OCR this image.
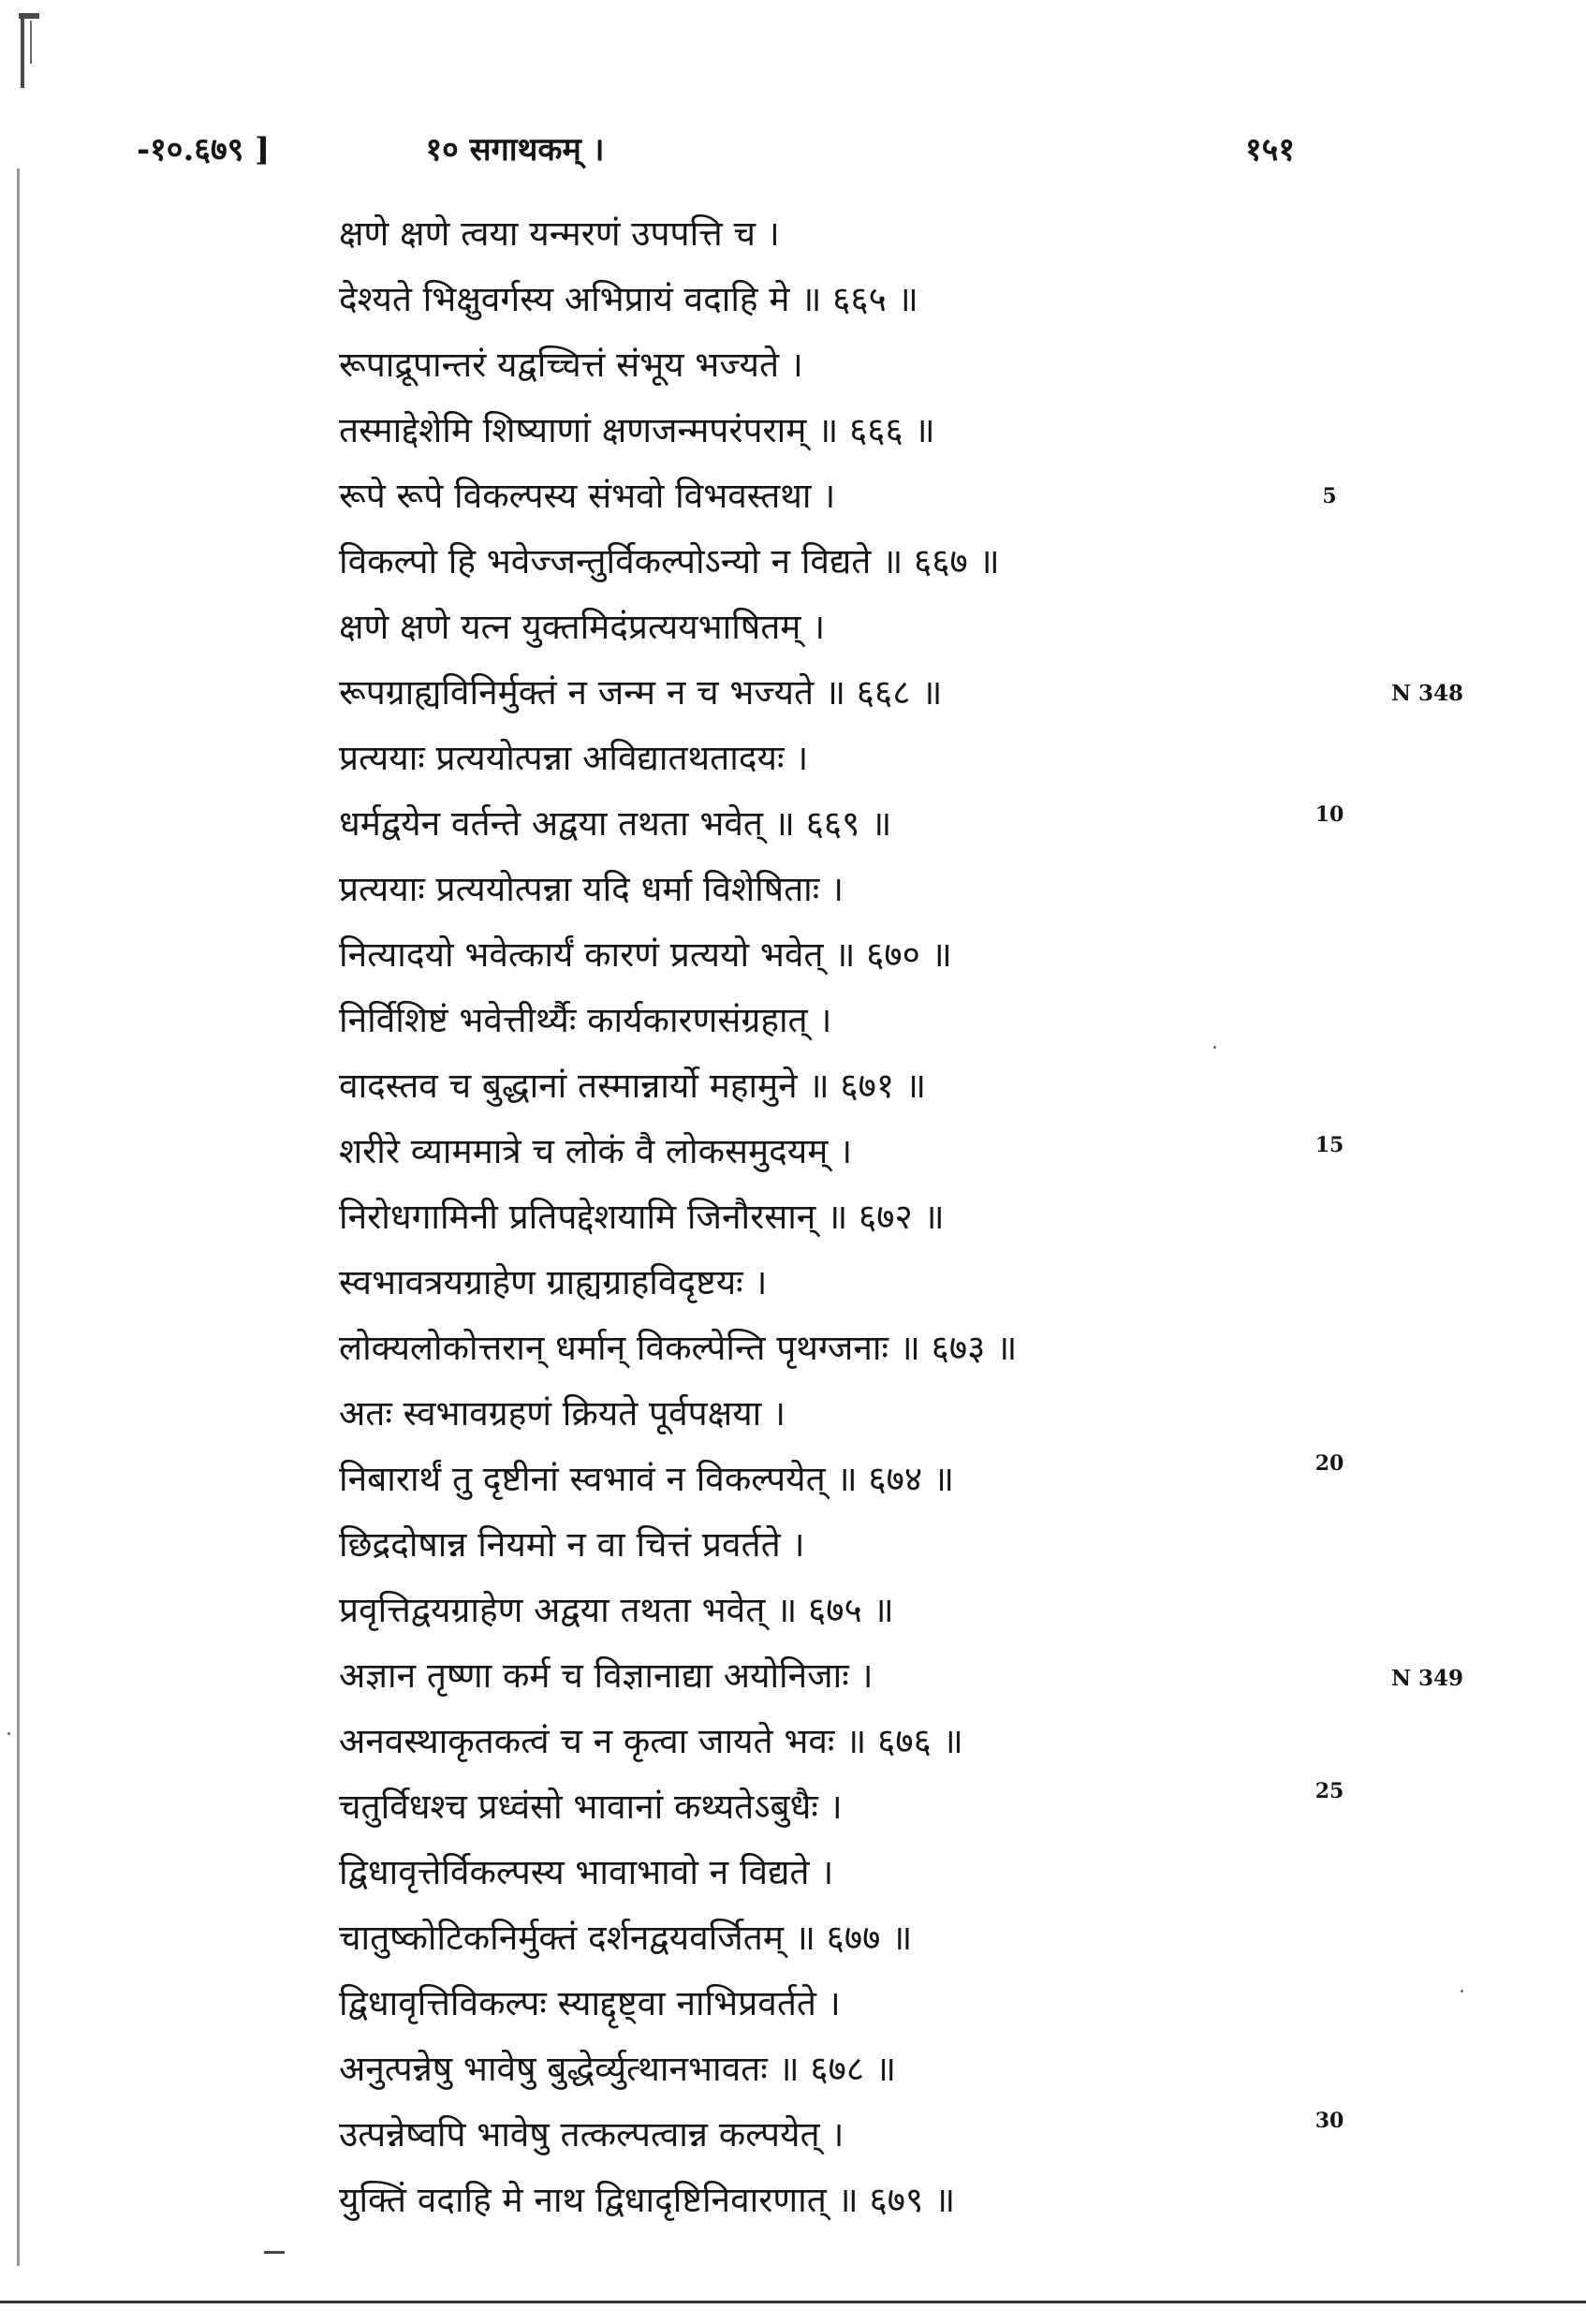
-१०.६७९ ]	१० सगाथकम् ।	१५१
क्षणे क्षणे त्वया यन्मरणं उपपत्ति च ।
देश्यते भिक्षुवर्गस्य अभिप्रायं वदाहि मे ॥ ६६५ ॥
रूपाद्रूपान्तरं यद्वच्चित्तं संभूय भज्यते ।
तस्माद्देशेमि शिष्याणां क्षणजन्मपरंपराम् ॥ ६६६ ॥
रूपे रूपे विकल्पस्य संभवो विभवस्तथा ।
विकल्पो हि भवेज्जन्तुर्विकल्पोऽन्यो न विद्यते ॥ ६६७ ॥
क्षणे क्षणे यत्न युक्तमिदंप्रत्ययभाषितम् ।
रूपग्राह्यविनिर्मुक्तं न जन्म न च भज्यते ॥ ६६८ ॥
प्रत्ययाः प्रत्ययोत्पन्ना अविद्यातथतादयः ।
धर्मद्वयेन वर्तन्ते अद्वया तथता भवेत् ॥ ६६९ ॥
प्रत्ययाः प्रत्ययोत्पन्ना यदि धर्मा विशेषिताः ।
नित्यादयो भवेत्कार्यं कारणं प्रत्ययो भवेत् ॥ ६७० ॥
निर्विशिष्टं भवेत्तीर्थ्यैः कार्यकारणसंग्रहात् ।
वादस्तव च बुद्धानां तस्मान्नार्यो महामुने ॥ ६७१ ॥
शरीरे व्याममात्रे च लोकं वै लोकसमुदयम् ।
निरोधगामिनी प्रतिपद्देशयामि जिनौरसान् ॥ ६७२ ॥
स्वभावत्रयग्राहेण ग्राह्यग्राहविदृष्टयः ।
लोक्यलोकोत्तरान् धर्मान् विकल्पेन्ति पृथग्जनाः ॥ ६७३ ॥
अतः स्वभावग्रहणं क्रियते पूर्वपक्षया ।
निबारार्थं तु दृष्टीनां स्वभावं न विकल्पयेत् ॥ ६७४ ॥
छिद्रदोषान्न नियमो न वा चित्तं प्रवर्तते ।
प्रवृत्तिद्वयग्राहेण अद्वया तथता भवेत् ॥ ६७५ ॥
अज्ञान तृष्णा कर्म च विज्ञानाद्या अयोनिजाः ।
अनवस्थाकृतकत्वं च न कृत्वा जायते भवः ॥ ६७६ ॥
चतुर्विधश्च प्रध्वंसो भावानां कथ्यतेऽबुधैः ।
द्विधावृत्तेर्विकल्पस्य भावाभावो न विद्यते ।
चातुष्कोटिकनिर्मुक्तं दर्शनद्वयवर्जितम् ॥ ६७७ ॥
द्विधावृत्तिविकल्पः स्याद्दृष्ट्वा नाभिप्रवर्तते ।
अनुत्पन्नेषु भावेषु बुद्धेर्व्युत्थानभावतः ॥ ६७८ ॥
उत्पन्नेष्वपि भावेषु तत्कल्पत्वान्न कल्पयेत् ।
युक्तिं वदाहि मे नाथ द्विधादृष्टिनिवारणात् ॥ ६७९ ॥
5
10
15
20
25
30
N 348
N 349
